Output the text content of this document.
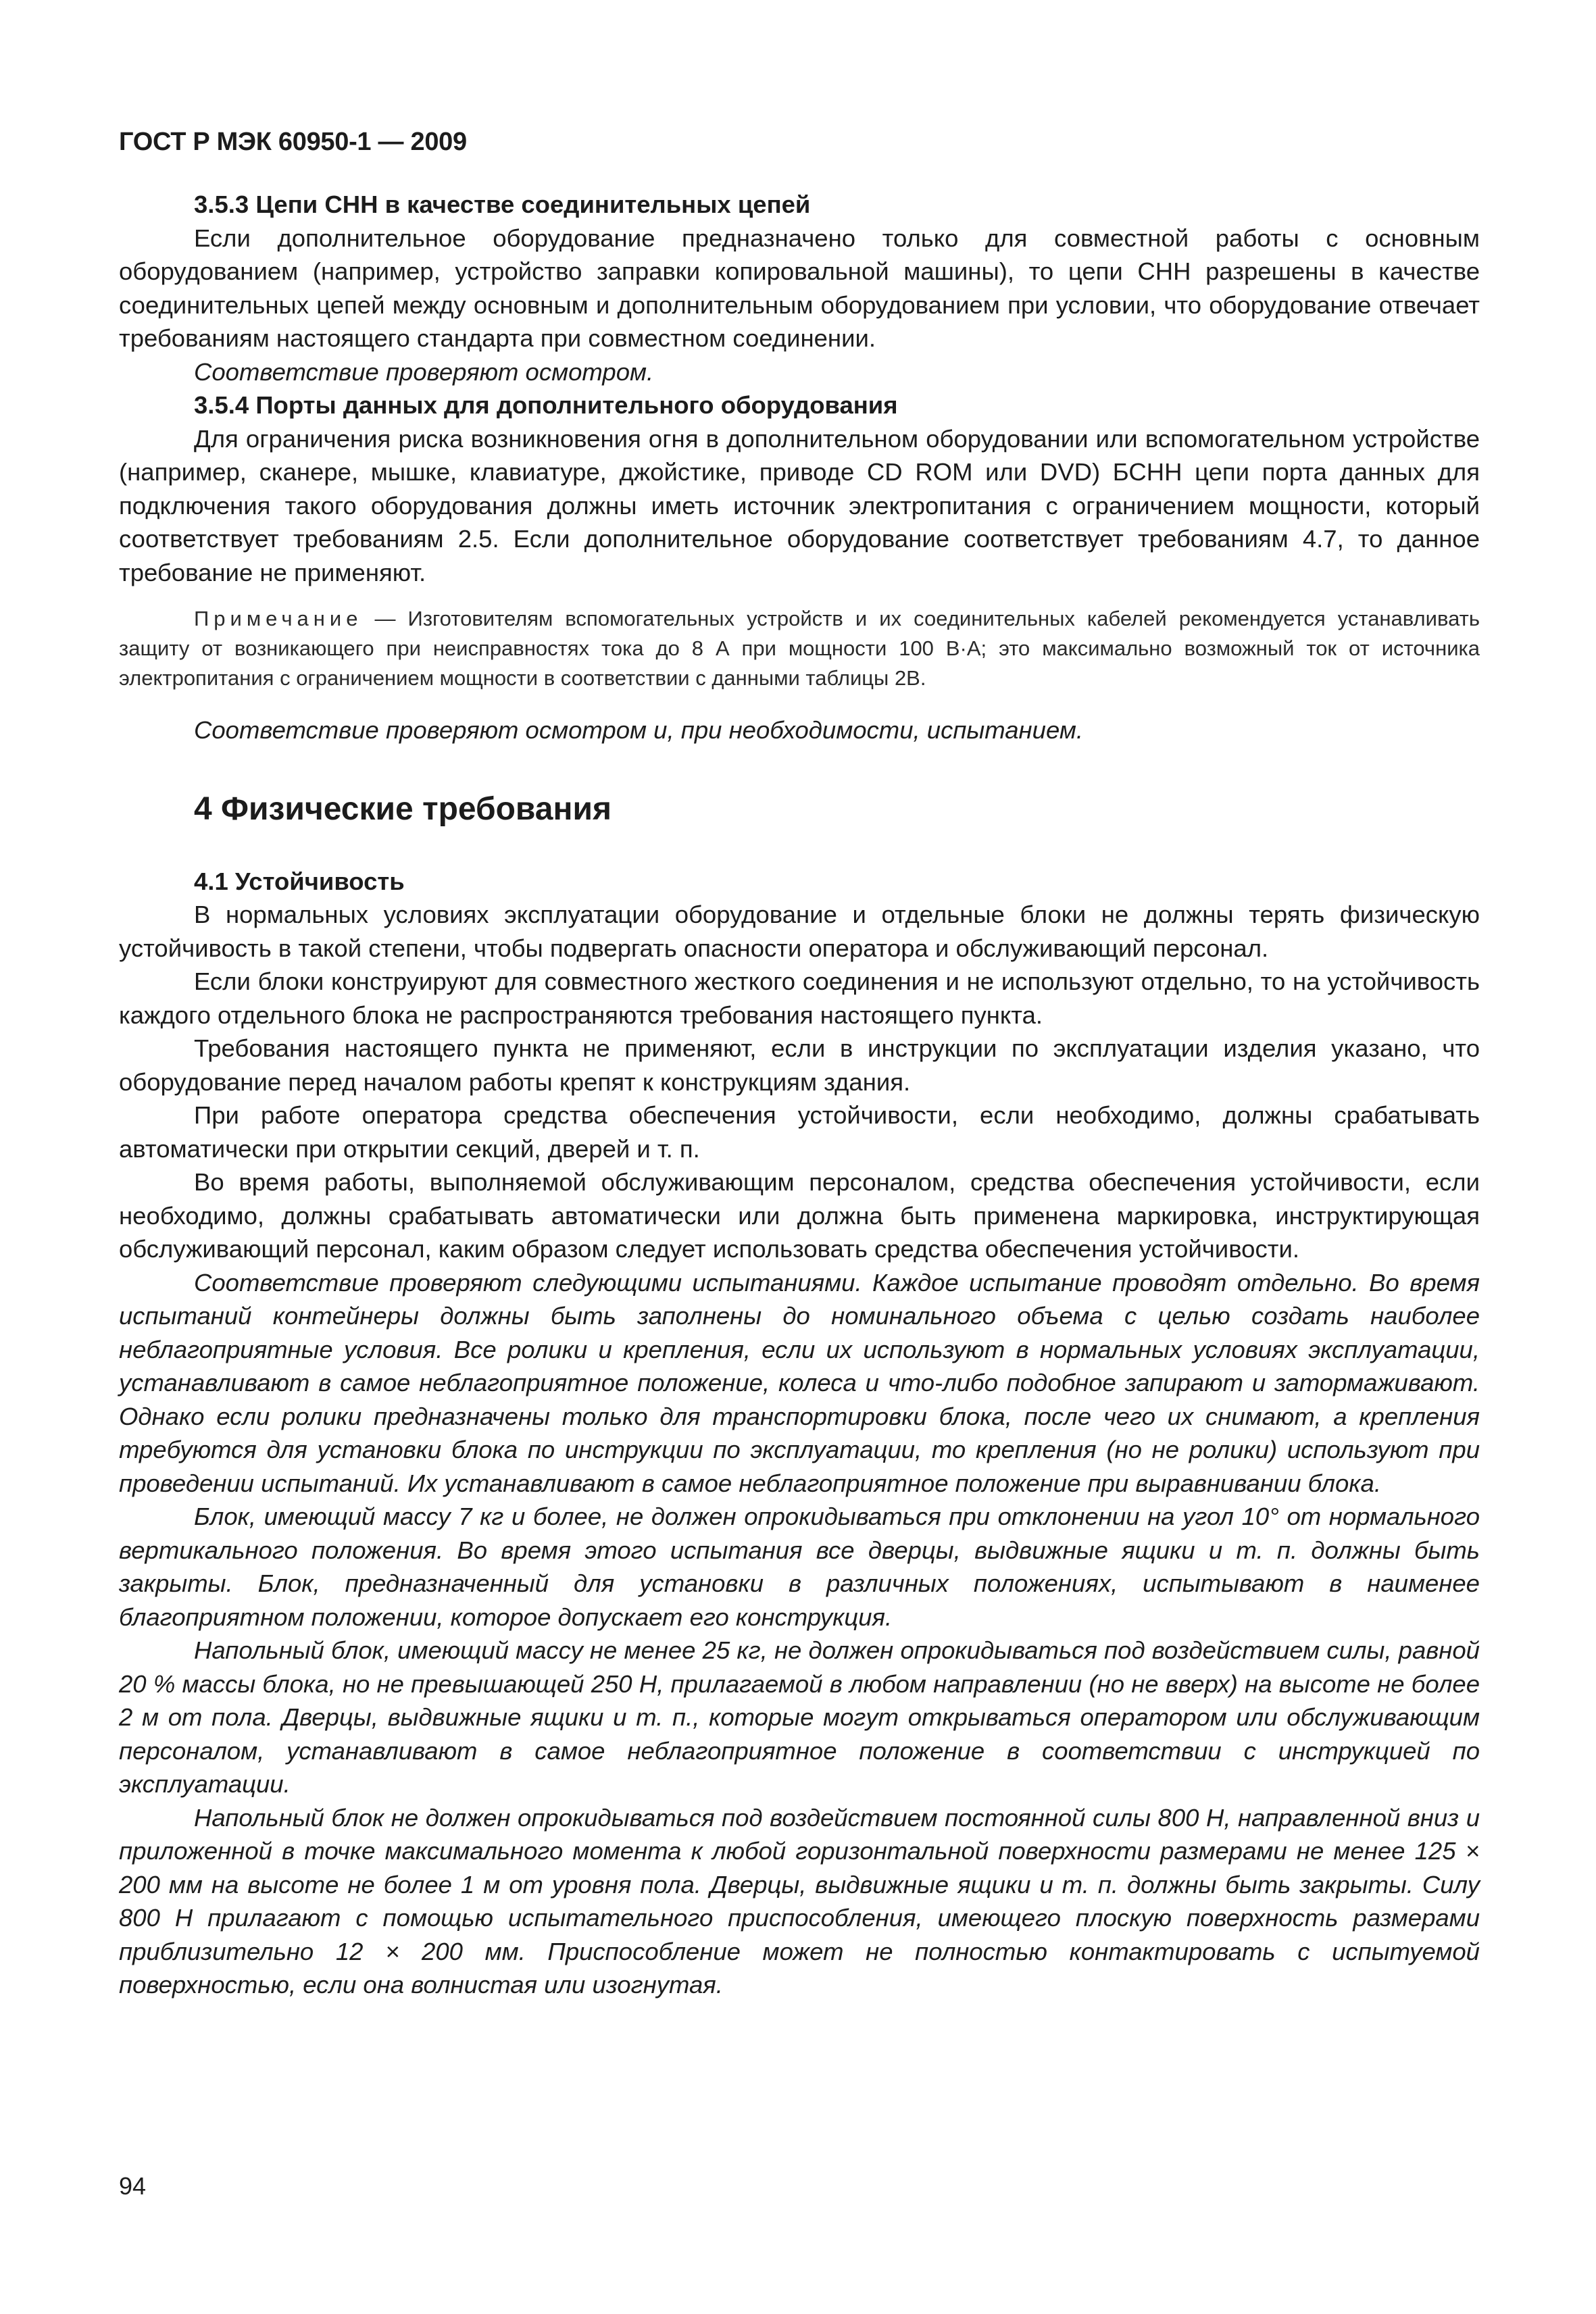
ГОСТ Р МЭК 60950-1 — 2009
3.5.3 Цепи СНН в качестве соединительных цепей

Если дополнительное оборудование предназначено только для совместной работы с основным оборудованием (например, устройство заправки копировальной машины), то цепи СНН разрешены в качестве соединительных цепей между основным и дополнительным оборудованием при условии, что оборудование отвечает требованиям настоящего стандарта при совместном соединении.

Соответствие проверяют осмотром.

3.5.4 Порты данных для дополнительного оборудования

Для ограничения риска возникновения огня в дополнительном оборудовании или вспомогательном устройстве (например, сканере, мышке, клавиатуре, джойстике, приводе CD ROM или DVD) БСНН цепи порта данных для подключения такого оборудования должны иметь источник электропитания с ограничением мощности, который соответствует требованиям 2.5. Если дополнительное оборудование соответствует требованиям 4.7, то данное требование не применяют.

Примечание — Изготовителям вспомогательных устройств и их соединительных кабелей рекомендуется устанавливать защиту от возникающего при неисправностях тока до 8 А при мощности 100 В·А; это максимально возможный ток от источника электропитания с ограничением мощности в соответствии с данными таблицы 2В.

Соответствие проверяют осмотром и, при необходимости, испытанием.

4 Физические требования
4.1 Устойчивость

В нормальных условиях эксплуатации оборудование и отдельные блоки не должны терять физическую устойчивость в такой степени, чтобы подвергать опасности оператора и обслуживающий персонал.

Если блоки конструируют для совместного жесткого соединения и не используют отдельно, то на устойчивость каждого отдельного блока не распространяются требования настоящего пункта.

Требования настоящего пункта не применяют, если в инструкции по эксплуатации изделия указано, что оборудование перед началом работы крепят к конструкциям здания.

При работе оператора средства обеспечения устойчивости, если необходимо, должны срабатывать автоматически при открытии секций, дверей и т. п.

Во время работы, выполняемой обслуживающим персоналом, средства обеспечения устойчивости, если необходимо, должны срабатывать автоматически или должна быть применена маркировка, инструктирующая обслуживающий персонал, каким образом следует использовать средства обеспечения устойчивости.

Соответствие проверяют следующими испытаниями. Каждое испытание проводят отдельно. Во время испытаний контейнеры должны быть заполнены до номинального объема с целью создать наиболее неблагоприятные условия. Все ролики и крепления, если их используют в нормальных условиях эксплуатации, устанавливают в самое неблагоприятное положение, колеса и что-либо подобное запирают и затормаживают. Однако если ролики предназначены только для транспортировки блока, после чего их снимают, а крепления требуются для установки блока по инструкции по эксплуатации, то крепления (но не ролики) используют при проведении испытаний. Их устанавливают в самое неблагоприятное положение при выравнивании блока.

Блок, имеющий массу 7 кг и более, не должен опрокидываться при отклонении на угол 10° от нормального вертикального положения. Во время этого испытания все дверцы, выдвижные ящики и т. п. должны быть закрыты. Блок, предназначенный для установки в различных положениях, испытывают в наименее благоприятном положении, которое допускает его конструкция.

Напольный блок, имеющий массу не менее 25 кг, не должен опрокидываться под воздействием силы, равной 20 % массы блока, но не превышающей 250 Н, прилагаемой в любом направлении (но не вверх) на высоте не более 2 м от пола. Дверцы, выдвижные ящики и т. п., которые могут открываться оператором или обслуживающим персоналом, устанавливают в самое неблагоприятное положение в соответствии с инструкцией по эксплуатации.

Напольный блок не должен опрокидываться под воздействием постоянной силы 800 Н, направленной вниз и приложенной в точке максимального момента к любой горизонтальной поверхности размерами не менее 125 × 200 мм на высоте не более 1 м от уровня пола. Дверцы, выдвижные ящики и т. п. должны быть закрыты. Силу 800 Н прилагают с помощью испытательного приспособления, имеющего плоскую поверхность размерами приблизительно 12 × 200 мм. Приспособление может не полностью контактировать с испытуемой поверхностью, если она волнистая или изогнутая.

94
